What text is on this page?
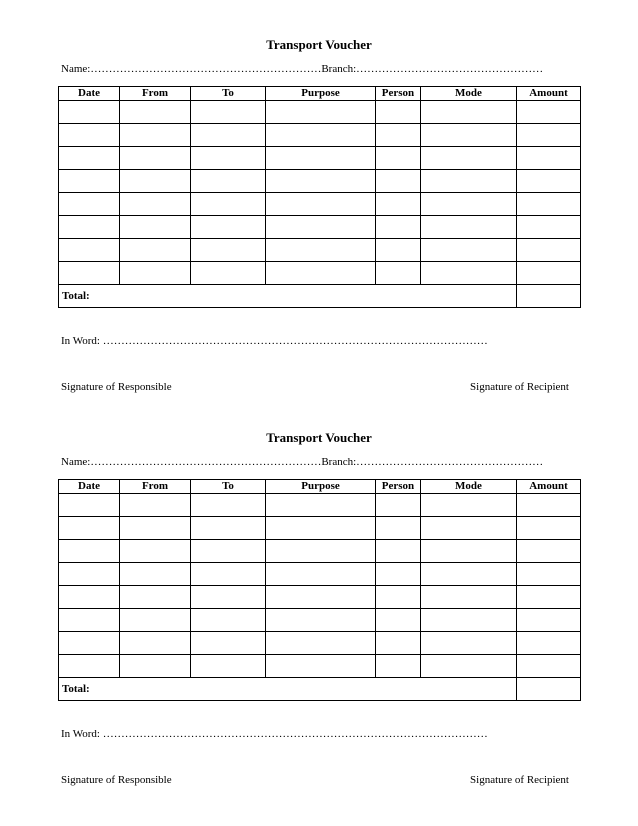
Transport Voucher
Name:………………………………………………………Branch:……………………………………………
Date	From	To	Purpose	Person	Mode	Amount

Total:						
In Word: ……………………………………………………………………………………………
Signature of Responsible	Signature of Recipient
Transport Voucher
Name:………………………………………………………Branch:……………………………………………
Date	From	To	Purpose	Person	Mode	Amount

Total:						
In Word: ……………………………………………………………………………………………
Signature of Responsible	Signature of Recipient
